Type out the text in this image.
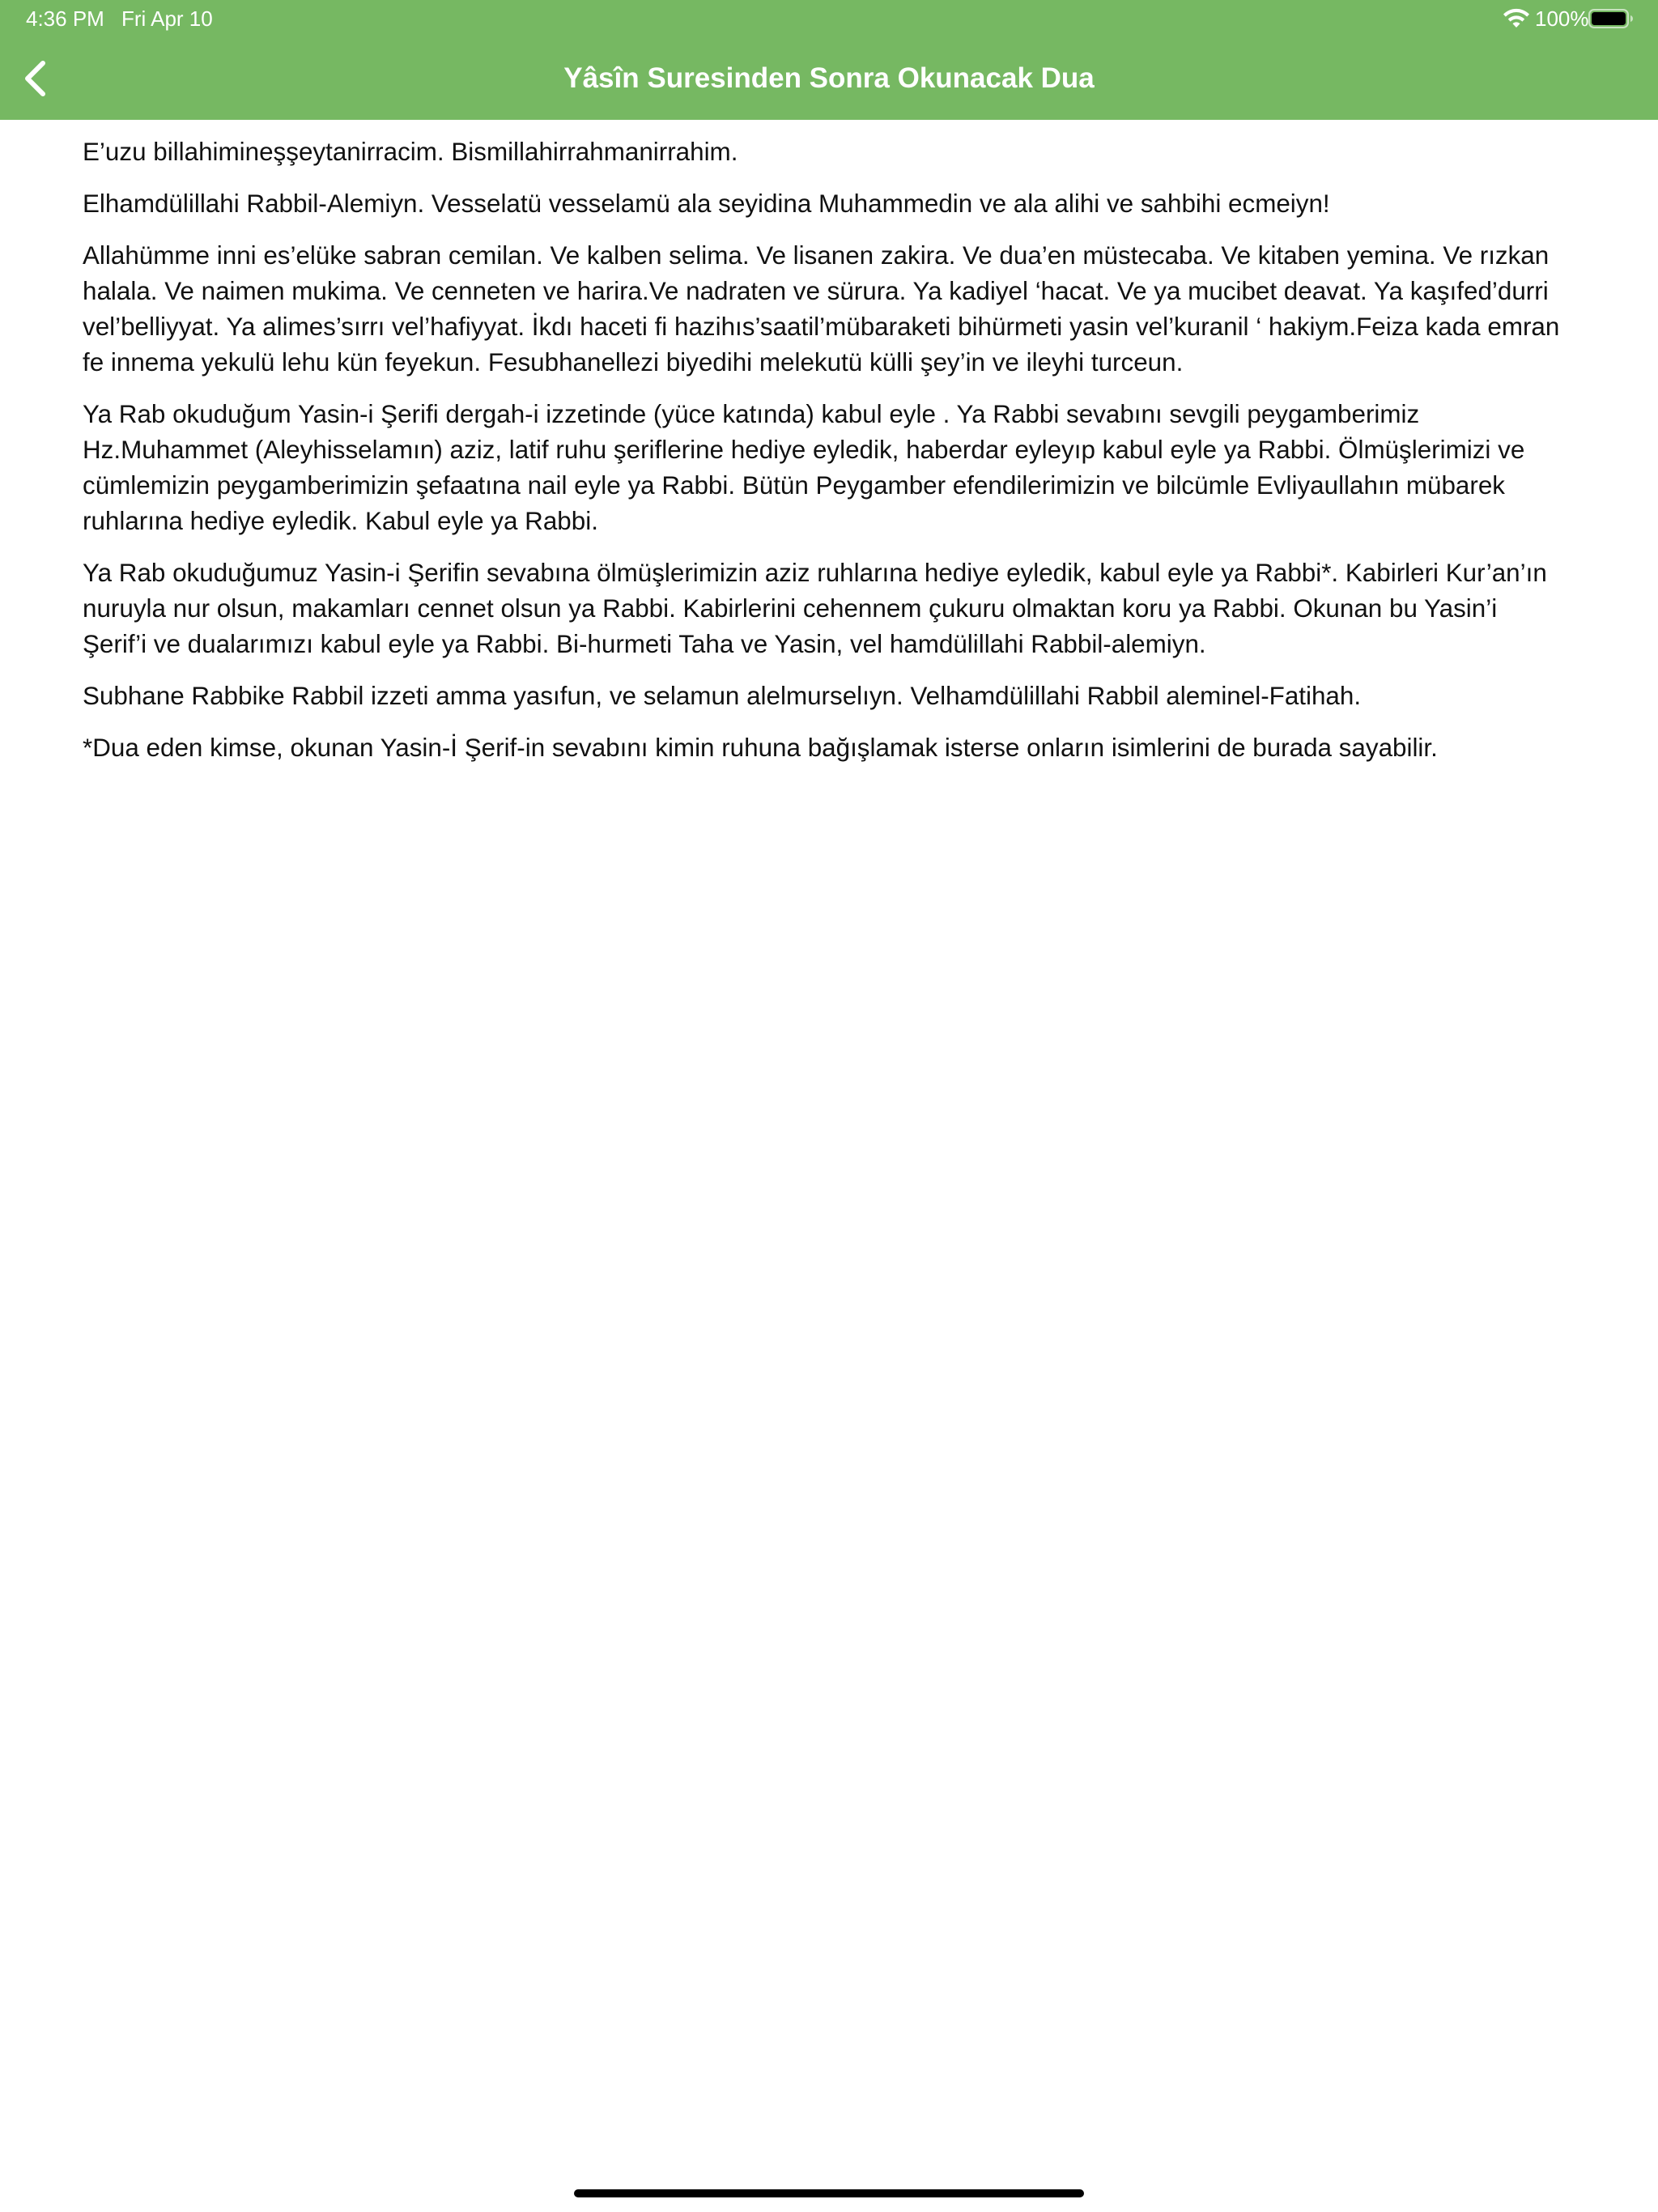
4:36 PM Fri Apr 10	100%
Yâsîn Suresinden Sonra Okunacak Dua

E’uzu billahimineşşeytanirracim. Bismillahirrahmanirrahim.

Elhamdülillahi Rabbil-Alemiyn. Vesselatü vesselamü ala seyidina Muhammedin ve ala alihi ve sahbihi ecmeiyn!

Allahümme inni es’elüke sabran cemilan. Ve kalben selima. Ve lisanen zakira. Ve dua’en müstecaba. Ve kitaben yemina. Ve rızkan halala. Ve naimen mukima. Ve cenneten ve harira.Ve nadraten ve sürura. Ya kadiyel ‘hacat. Ve ya mucibet deavat. Ya kaşıfed’durri vel’belliyyat. Ya alimes’sırrı vel’hafiyyat. İkdı haceti fi hazihıs’saatil’mübaraketi bihürmeti yasin vel’kuranil ‘ hakiym.Feiza kada emran fe innema yekulü lehu kün feyekun. Fesubhanellezi biyedihi melekutü külli şey’in ve ileyhi turceun.

Ya Rab okuduğum Yasin-i Şerifi dergah-i izzetinde (yüce katında) kabul eyle . Ya Rabbi sevabını sevgili peygamberimiz Hz.Muhammet (Aleyhisselamın) aziz, latif ruhu şeriflerine hediye eyledik, haberdar eyleyıp kabul eyle ya Rabbi. Ölmüşlerimizi ve cümlemizin peygamberimizin şefaatına nail eyle ya Rabbi. Bütün Peygamber efendilerimizin ve bilcümle Evliyaullahın mübarek ruhlarına hediye eyledik. Kabul eyle ya Rabbi.

Ya Rab okuduğumuz Yasin-i Şerifin sevabına ölmüşlerimizin aziz ruhlarına hediye eyledik, kabul eyle ya Rabbi*. Kabirleri Kur’an’ın nuruyla nur olsun, makamları cennet olsun ya Rabbi. Kabirlerini cehennem çukuru olmaktan koru ya Rabbi. Okunan bu Yasin’i Şerif’i ve dualarımızı kabul eyle ya Rabbi. Bi-hurmeti Taha ve Yasin, vel hamdülillahi Rabbil-alemiyn.

Subhane Rabbike Rabbil izzeti amma yasıfun, ve selamun alelmurselıyn. Velhamdülillahi Rabbil aleminel-Fatihah.

*Dua eden kimse, okunan Yasin-İ Şerif-in sevabını kimin ruhuna bağışlamak isterse onların isimlerini de burada sayabilir.
